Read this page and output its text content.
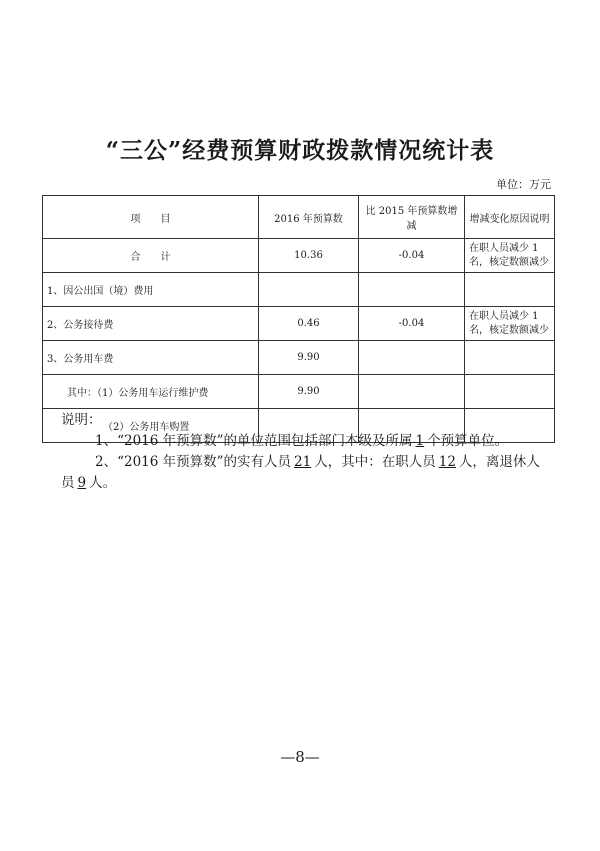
“三公”经费预算财政拨款情况统计表
单位：万元
项　　目	2016 年预算数	比 2015 年预算数增减	增减变化原因说明
合　　计	10.36	-0.04	在职人员减少 1 名，核定数额减少
1、因公出国（境）费用			
2、公务接待费	0.46	-0.04	在职人员减少 1 名，核定数额减少
3、公务用车费	9.90		
其中：（1）公务用车运行维护费	9.90		
（2）公务用车购置			
说明：

1、“2016 年预算数”的单位范围包括部门本级及所属 1 个预算单位。

2、“2016 年预算数”的实有人员 21 人，其中：在职人员 12 人，离退休人员 9 人。

—8—
